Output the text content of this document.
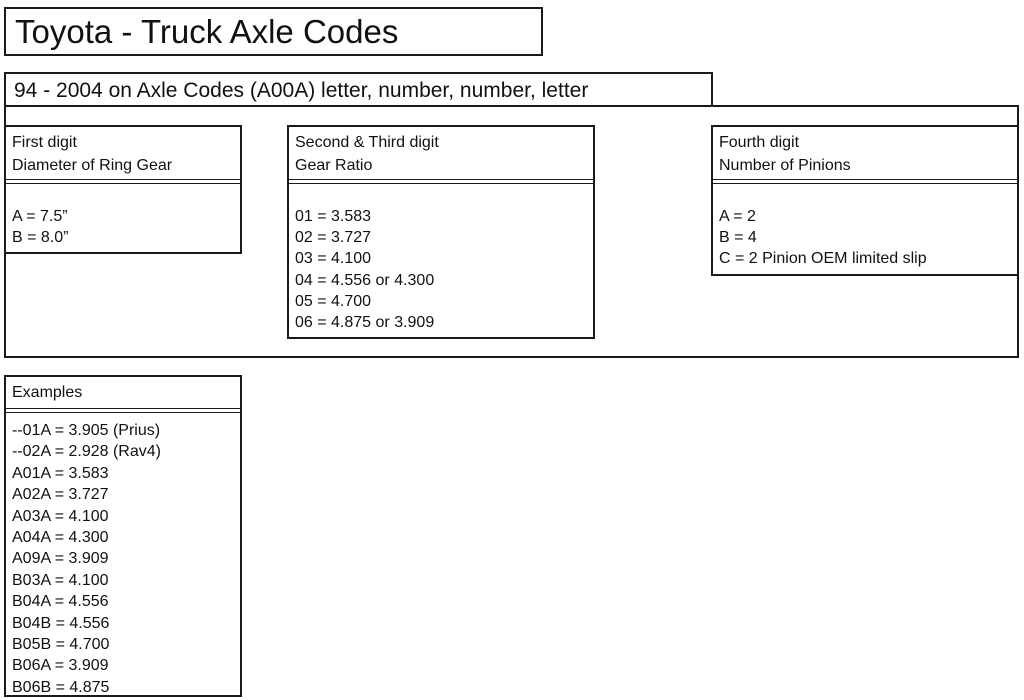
Toyota - Truck Axle Codes
94 - 2004 on Axle Codes (A00A) letter, number, number, letter
First digit
Diameter of Ring Gear
A = 7.5”
B = 8.0”
Second & Third digit
Gear Ratio
01 = 3.583
02 = 3.727
03 = 4.100
04 = 4.556 or 4.300
05 = 4.700
06 = 4.875 or 3.909
Fourth digit
Number of Pinions
A = 2
B = 4
C = 2 Pinion OEM limited slip
Examples
--01A = 3.905 (Prius)
--02A = 2.928 (Rav4)
A01A = 3.583
A02A = 3.727
A03A = 4.100
A04A = 4.300
A09A = 3.909
B03A = 4.100
B04A = 4.556
B04B = 4.556
B05B = 4.700
B06A = 3.909
B06B = 4.875
